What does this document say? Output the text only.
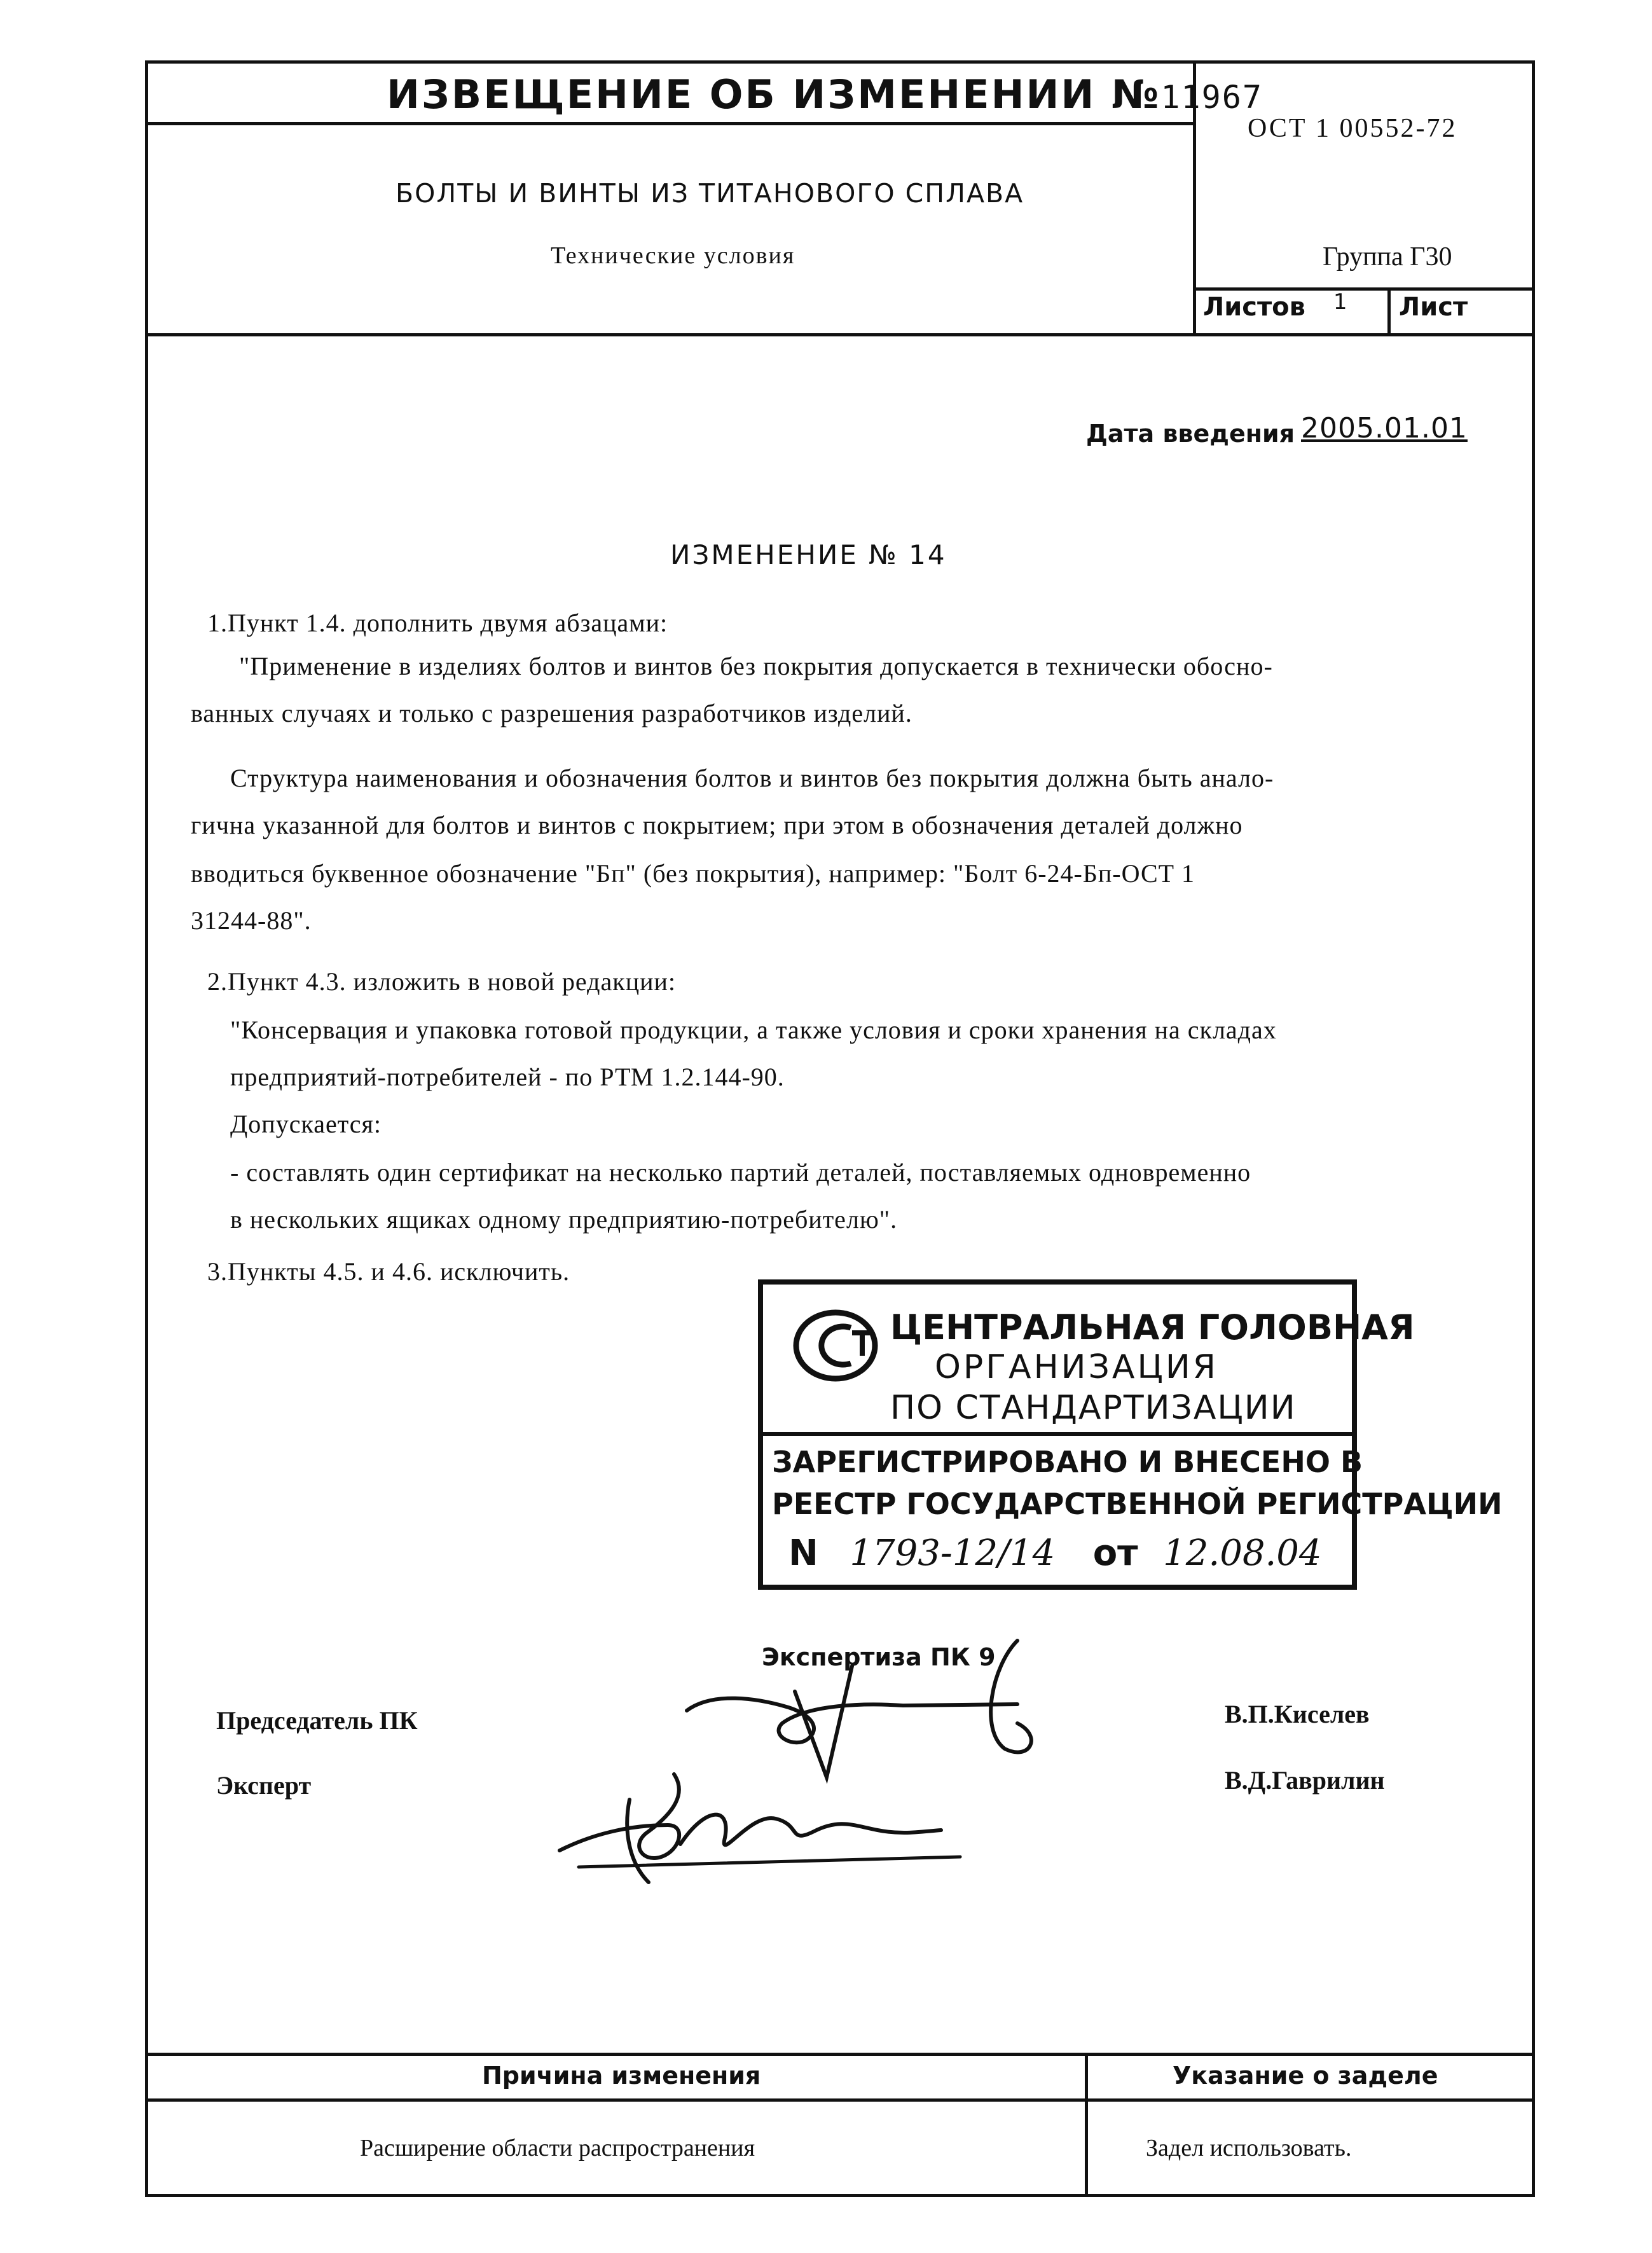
ИЗВЕЩЕНИЕ ОБ ИЗМЕНЕНИИ №11967
БОЛТЫ И ВИНТЫ ИЗ ТИТАНОВОГО СПЛАВА
Технические условия
ОСТ 1 00552-72
Группа Г30
Листов $^1$ Лист
Дата введения 2005.01.01
ИЗМЕНЕНИЕ № 14
1.Пункт 1.4. дополнить двумя абзацами:
"Применение в изделиях болтов и винтов без покрытия допускается в технически обосно-
ванных случаях и только с разрешения разработчиков изделий.
Структура наименования и обозначения болтов и винтов без покрытия должна быть анало-
гична указанной для болтов и винтов с покрытием; при этом в обозначения деталей должно
вводиться буквенное обозначение "Бп" (без покрытия), например: "Болт 6-24-Бп-ОСТ 1
31244-88".
2.Пункт 4.3. изложить в новой редакции:
"Консервация и упаковка готовой продукции, а также условия и сроки хранения на складах
предприятий-потребителей - по РТМ 1.2.144-90.
Допускается:
- составлять один сертификат на несколько партий деталей, поставляемых одновременно
в нескольких ящиках одному предприятию-потребителю".
3.Пункты 4.5. и 4.6. исключить.
ЦЕНТРАЛЬНАЯ ГОЛОВНАЯ
ОРГАНИЗАЦИЯ
ПО СТАНДАРТИЗАЦИИ
ЗАРЕГИСТРИРОВАНО И ВНЕСЕНО В
РЕЕСТР ГОСУДАРСТВЕННОЙ РЕГИСТРАЦИИ
N 1793-12/14 от 12.08.04
Экспертиза ПК 9
Председатель ПК	В.П.Киселев
Эксперт	В.Д.Гаврилин
Причина изменения	Указание о заделе
Расширение области распространения	Задел использовать.
